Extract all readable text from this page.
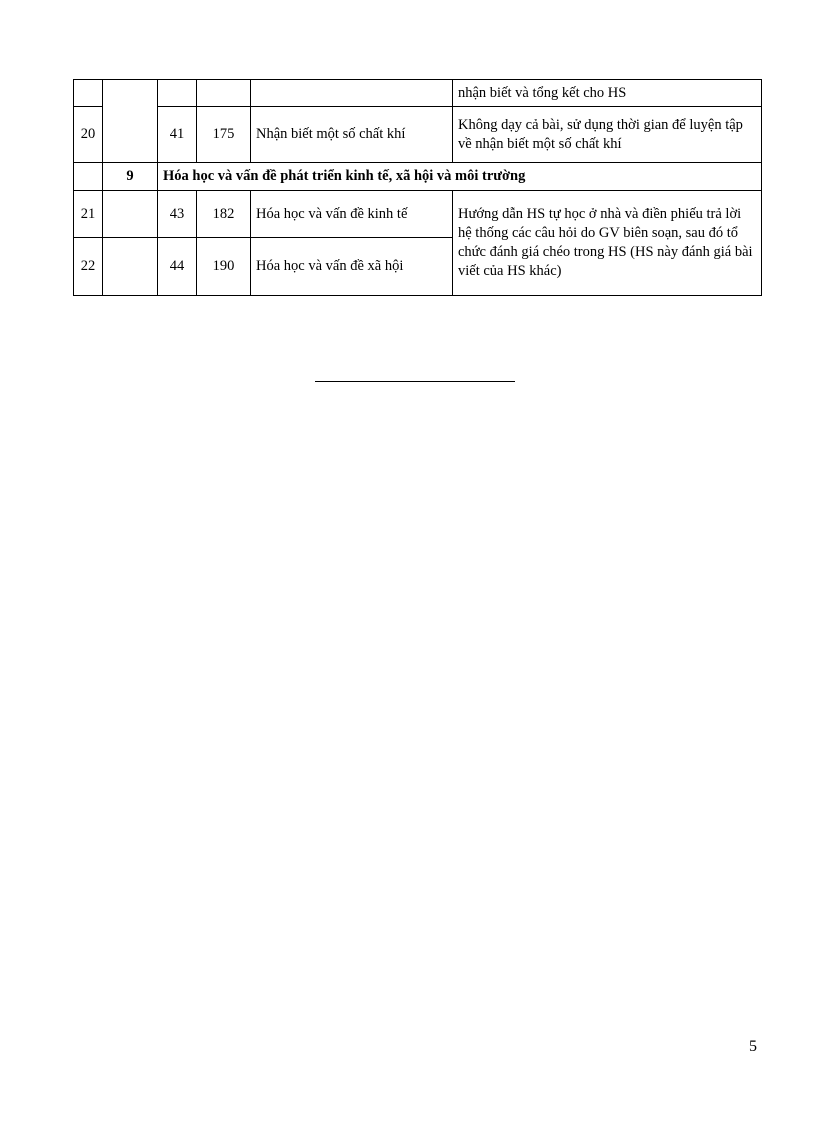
					nhận biết và tổng kết cho HS
20		41	175	Nhận biết một số chất khí	Không dạy cả bài, sử dụng thời gian để luyện tập về nhận biết một số chất khí
	9	Hóa học và vấn đề phát triển kinh tế, xã hội và môi trường			
21		43	182	Hóa học và vấn đề kinh tế	Hướng dẫn HS tự học ở nhà và điền phiếu trả lời hệ thống các câu hỏi do GV biên soạn, sau đó tổ chức đánh giá chéo trong HS (HS này đánh giá bài viết của HS khác)
22		44	190	Hóa học và vấn đề xã hội	
5
